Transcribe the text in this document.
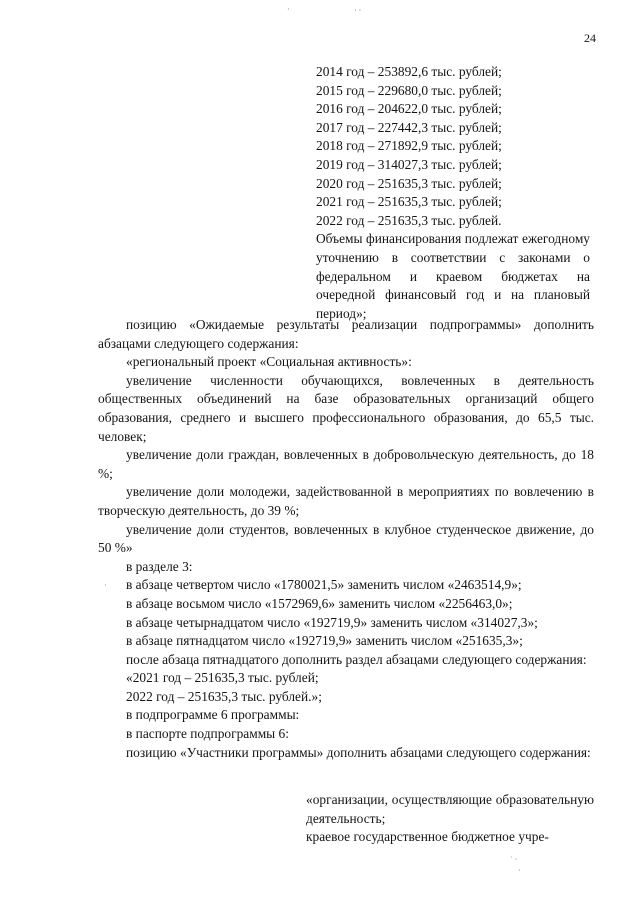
24
2014 год – 253892,6 тыс. рублей;
2015 год – 229680,0 тыс. рублей;
2016 год – 204622,0 тыс. рублей;
2017 год – 227442,3 тыс. рублей;
2018 год – 271892,9 тыс. рублей;
2019 год – 314027,3 тыс. рублей;
2020 год – 251635,3 тыс. рублей;
2021 год – 251635,3 тыс. рублей;
2022 год – 251635,3 тыс. рублей.
Объемы финансирования подлежат ежегодному уточнению в соответствии с законами о федеральном и краевом бюджетах на очередной финансовый год и на плановый период»;

позицию «Ожидаемые результаты реализации подпрограммы» дополнить абзацами следующего содержания:

«региональный проект «Социальная активность»:

увеличение численности обучающихся, вовлеченных в деятельность общественных объединений на базе образовательных организаций общего образования, среднего и высшего профессионального образования, до 65,5 тыс. человек;

увеличение доли граждан, вовлеченных в добровольческую деятельность, до 18 %;

увеличение доли молодежи, задействованной в мероприятиях по вовлечению в творческую деятельность, до 39 %;

увеличение доли студентов, вовлеченных в клубное студенческое движение, до 50 %»

в разделе 3:

в абзаце четвертом число «1780021,5» заменить числом «2463514,9»;

в абзаце восьмом число «1572969,6» заменить числом «2256463,0»;

в абзаце четырнадцатом число «192719,9» заменить числом «314027,3»;

в абзаце пятнадцатом число «192719,9» заменить числом «251635,3»;

после абзаца пятнадцатого дополнить раздел абзацами следующего содержания:

«2021 год – 251635,3 тыс. рублей;

2022 год – 251635,3 тыс. рублей.»;

в подпрограмме 6 программы:

в паспорте подпрограммы 6:

позицию «Участники программы» дополнить абзацами следующего содержания:

«организации, осуществляющие образовательную деятельность;

краевое государственное бюджетное учре-

·	· ·
·
˙ ·
·
